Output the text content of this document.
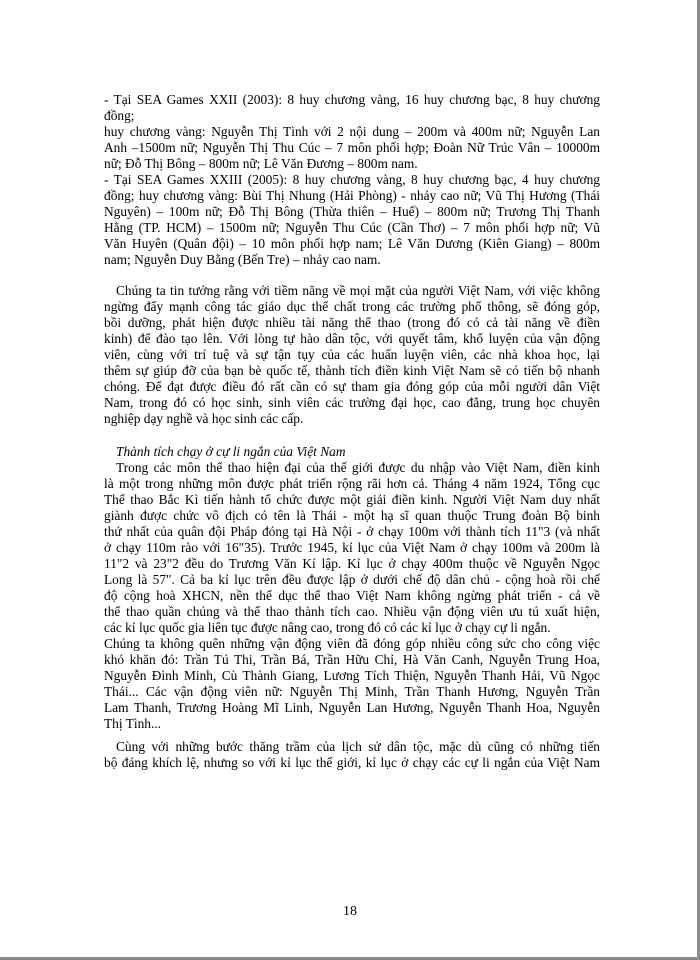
- Tại SEA Games XXII (2003): 8 huy chương vàng, 16 huy chương bạc, 8 huy chương
đồng;
huy chương vàng: Nguyễn Thị Tình với 2 nội dung – 200m và 400m nữ; Nguyễn Lan
Anh –1500m nữ; Nguyễn Thị Thu Cúc – 7 môn phối hợp; Đoàn Nữ Trúc Vân – 10000m
nữ; Đỗ Thị Bông – 800m nữ; Lê Văn Đương – 800m nam.
- Tại SEA Games XXIII (2005): 8 huy chương vàng, 8 huy chương bạc, 4 huy chương
đồng; huy chương vàng: Bùi Thị Nhung (Hải Phòng) - nhảy cao nữ; Vũ Thị Hương (Thái
Nguyên) – 100m nữ; Đỗ Thị Bông (Thừa thiên – Huế) – 800m nữ; Trương Thị Thanh
Hằng (TP. HCM) – 1500m nữ; Nguyễn Thu Cúc (Cần Thơ) – 7 môn phối hợp nữ; Vũ
Văn Huyên (Quân đội) – 10 môn phối hợp nam; Lê Văn Dương (Kiên Giang) – 800m
nam; Nguyễn Duy Bằng (Bến Tre) – nhảy cao nam.
Chúng ta tin tưởng rằng với tiềm năng về mọi mặt của người Việt Nam, với việc không
ngừng đẩy mạnh công tác giáo dục thể chất trong các trường phổ thông, sẽ đóng góp,
bồi dưỡng, phát hiện được nhiều tài năng thể thao (trong đó có cả tài năng về điền
kinh) để đào tạo lên. Với lòng tự hào dân tộc, với quyết tâm, khổ luyện của vận động
viên, cùng với trí tuệ và sự tận tụy của các huấn luyện viên, các nhà khoa học, lại
thêm sự giúp đỡ của bạn bè quốc tế, thành tích điền kinh Việt Nam sẽ có tiến bộ nhanh
chóng. Để đạt được điều đó rất cần có sự tham gia đóng góp của mỗi người dân Việt
Nam, trong đó có học sinh, sinh viên các trường đại học, cao đẳng, trung học chuyên
nghiệp dạy nghề và học sinh các cấp.
Thành tích chạy ở cự li ngắn của Việt Nam
Trong các môn thể thao hiện đại của thế giới được du nhập vào Việt Nam, điền kinh
là một trong những môn được phát triển rộng rãi hơn cả. Tháng 4 năm 1924, Tổng cục
Thể thao Bắc Kì tiến hành tổ chức được một giải điền kinh. Người Việt Nam duy nhất
giành được chức vô địch có tên là Thái - một hạ sĩ quan thuộc Trung đoàn Bộ binh
thứ nhất của quân đội Pháp đóng tại Hà Nội - ở chạy 100m với thành tích 11"3 (và nhất
ở chạy 110m rào với 16"35). Trước 1945, kỉ lục của Việt Nam ở chạy 100m và 200m là
11"2 và 23"2 đều do Trương Văn Kí lập. Kỉ lục ở chạy 400m thuộc về Nguyễn Ngọc
Long là 57". Cả ba kỉ lục trên đều được lập ở dưới chế độ dân chủ - cộng hoà rồi chế
độ cộng hoà XHCN, nền thể dục thể thao Việt Nam không ngừng phát triển - cả về
thể thao quần chúng và thể thao thành tích cao. Nhiều vận động viên ưu tú xuất hiện,
các kỉ lục quốc gia liên tục được nâng cao, trong đó có các kỉ lục ở chạy cự li ngắn.
Chúng ta không quên những vận động viên đã đóng góp nhiều công sức cho công việc
khó khăn đó: Trần Tú Thi, Trần Bá, Trần Hữu Chỉ, Hà Văn Canh, Nguyễn Trung Hoa,
Nguyễn Đình Minh, Cù Thành Giang, Lương Tích Thiện, Nguyễn Thanh Hải, Vũ Ngọc
Thái... Các vận động viên nữ: Nguyễn Thị Minh, Trần Thanh Hương, Nguyễn Trần
Lam Thanh, Trương Hoàng Mĩ Linh, Nguyễn Lan Hương, Nguyễn Thanh Hoa, Nguyễn
Thị Tình...
Cùng với những bước thăng trầm của lịch sử dân tộc, mặc dù cũng có những tiến
bộ đáng khích lệ, nhưng so với kỉ lục thế giới, kỉ lục ở chạy các cự li ngắn của Việt Nam
18
